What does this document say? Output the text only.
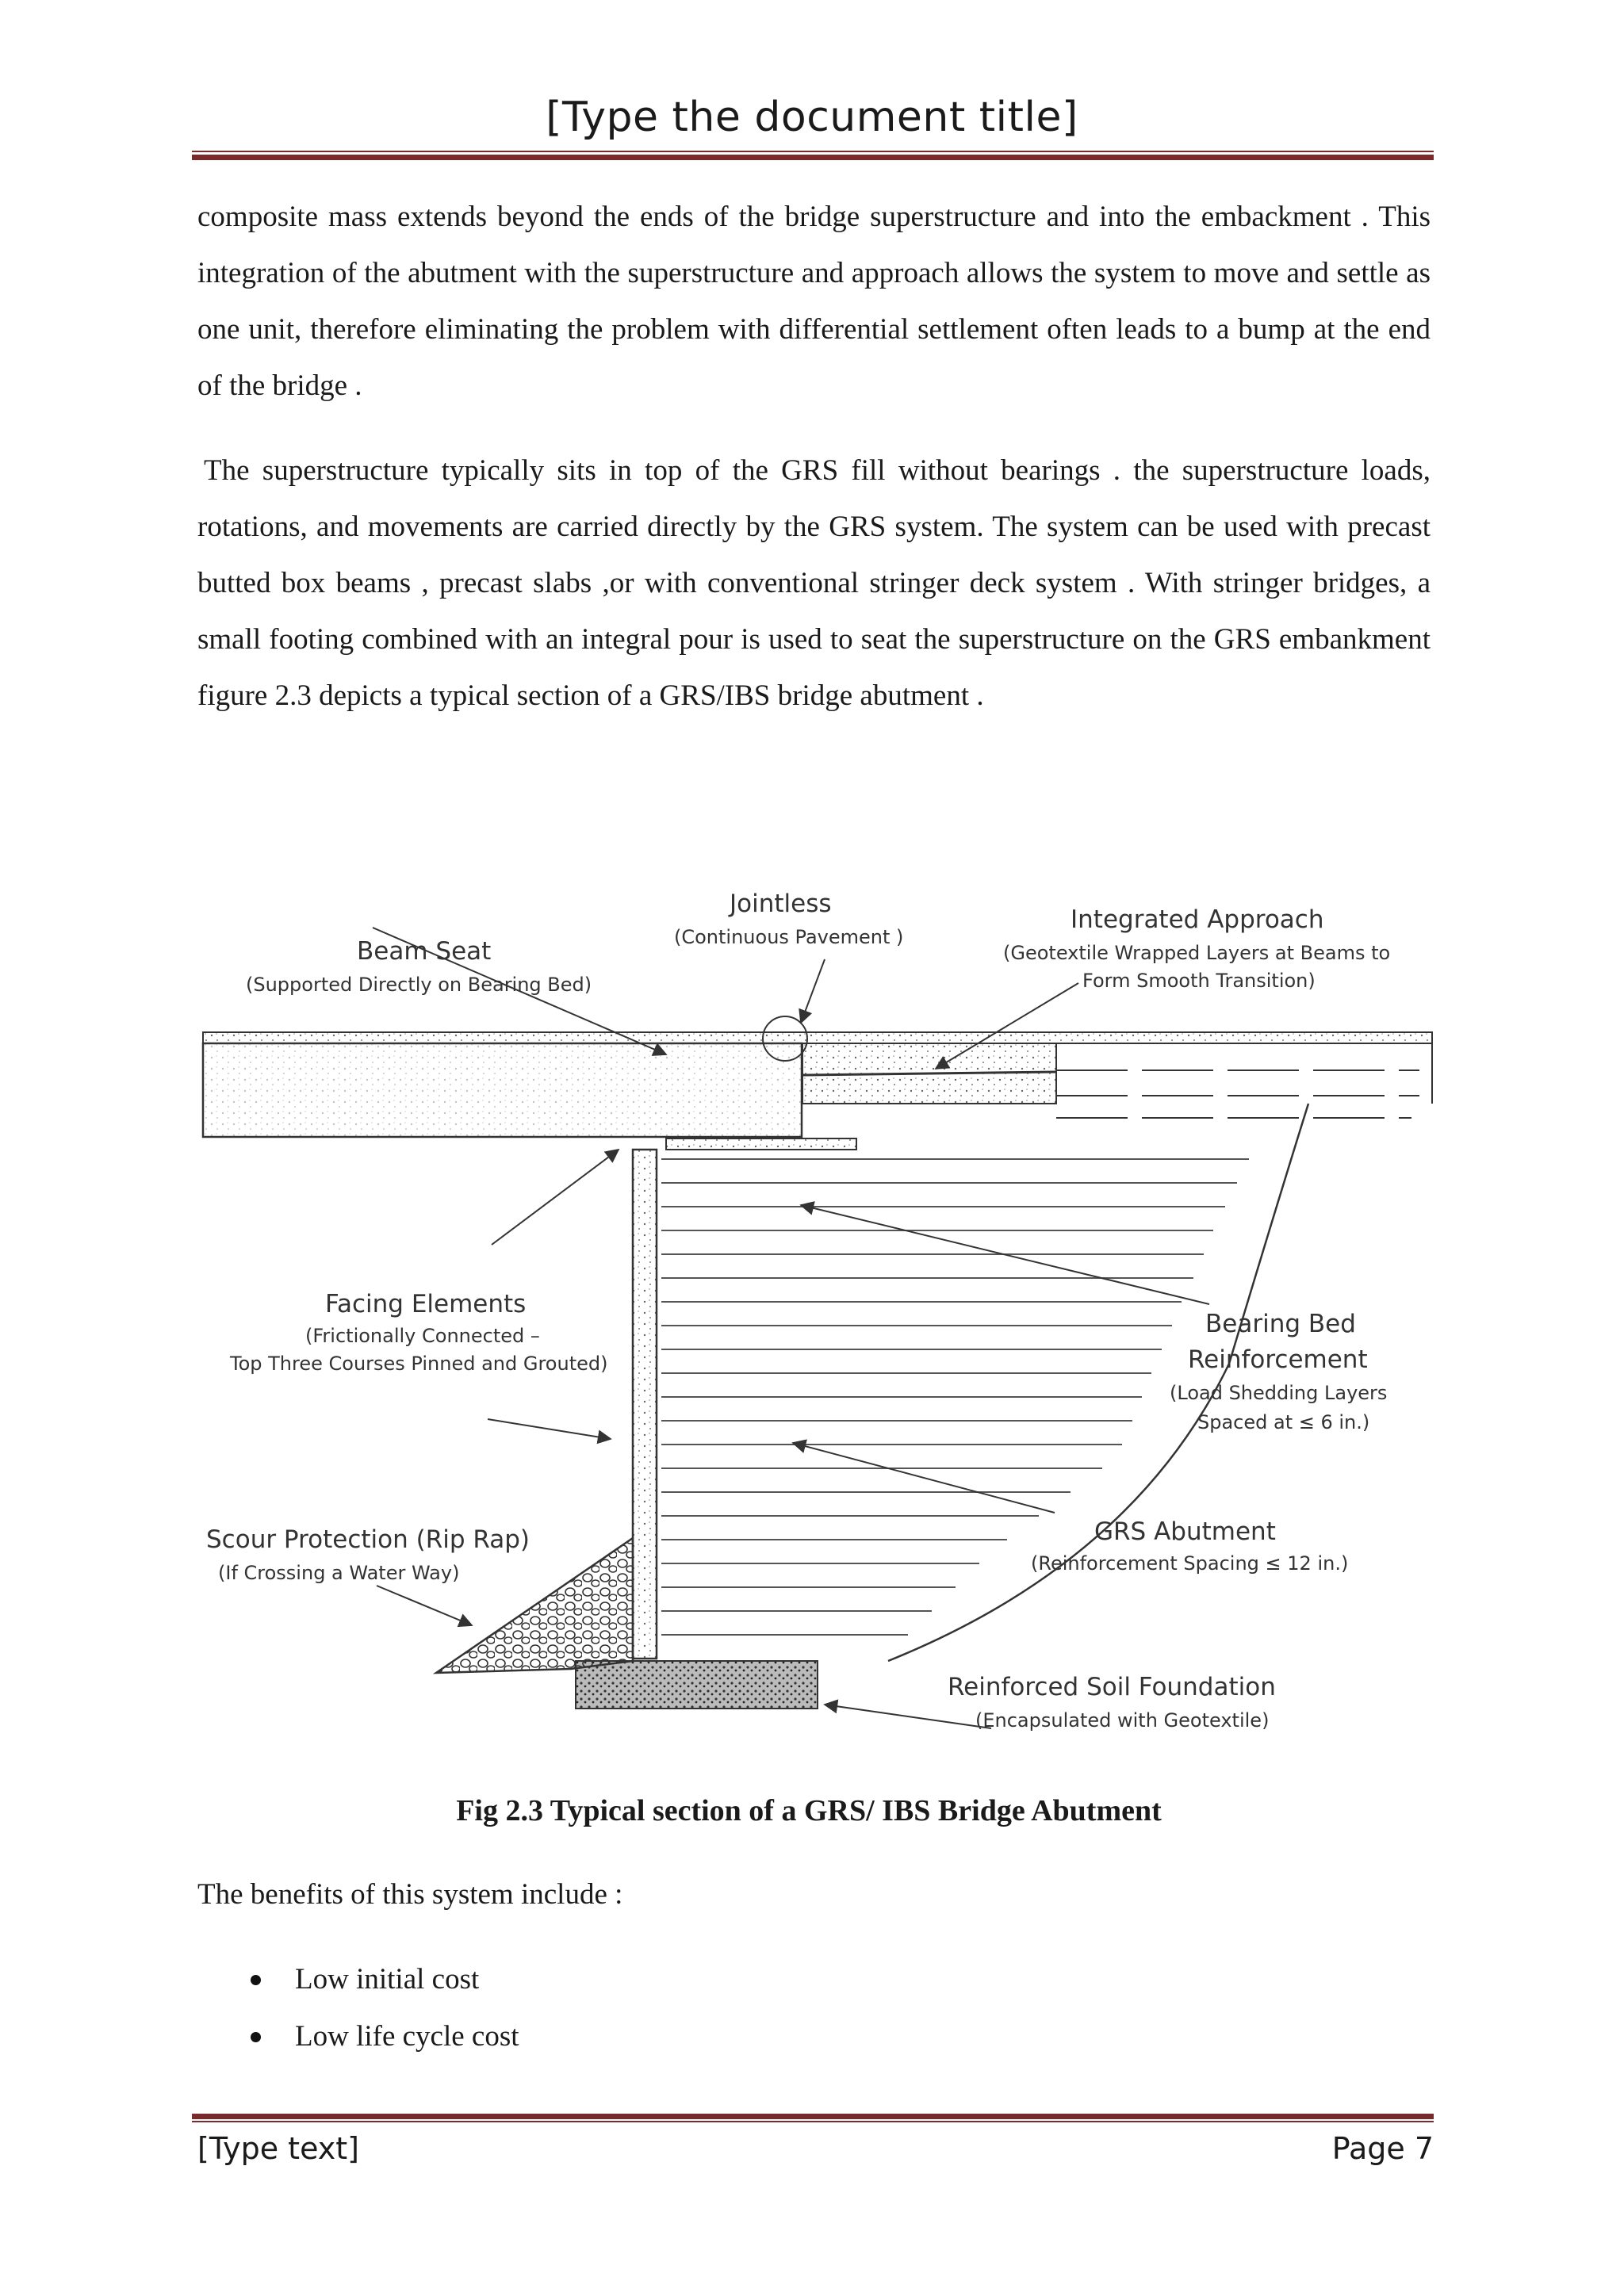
[Type the document title]

composite mass extends beyond the ends of the bridge superstructure and into the embackment . This integration of the abutment with the superstructure and approach allows the system to move and settle as one unit, therefore eliminating the problem with differential settlement often leads to a bump at the end of the bridge .

The superstructure typically sits in top of the GRS fill without bearings . the superstructure loads, rotations, and movements are carried directly by the GRS system. The system can be used with precast butted box beams , precast slabs ,or with conventional stringer deck system . With stringer bridges, a small footing combined with an integral pour is used to seat the superstructure on the GRS embankment figure 2.3 depicts a typical section of a GRS/IBS bridge abutment .

Jointless
(Continuous Pavement )
Integrated Approach
(Geotextile Wrapped Layers at Beams to
Form Smooth Transition)
Beam Seat
(Supported Directly on Bearing Bed)
Facing Elements
(Frictionally Connected –
Top Three Courses Pinned and Grouted)
Bearing Bed
Reinforcement
(Load Shedding Layers
Spaced at ≤ 6 in.)
Scour Protection (Rip Rap)
(If Crossing a Water Way)
GRS Abutment
(Reinforcement Spacing ≤ 12 in.)
Reinforced Soil Foundation
(Encapsulated with Geotextile)
Fig 2.3 Typical section of a GRS/ IBS Bridge Abutment
The benefits of this system include :
Low initial cost
Low life cycle cost
[Type text]	Page 7
